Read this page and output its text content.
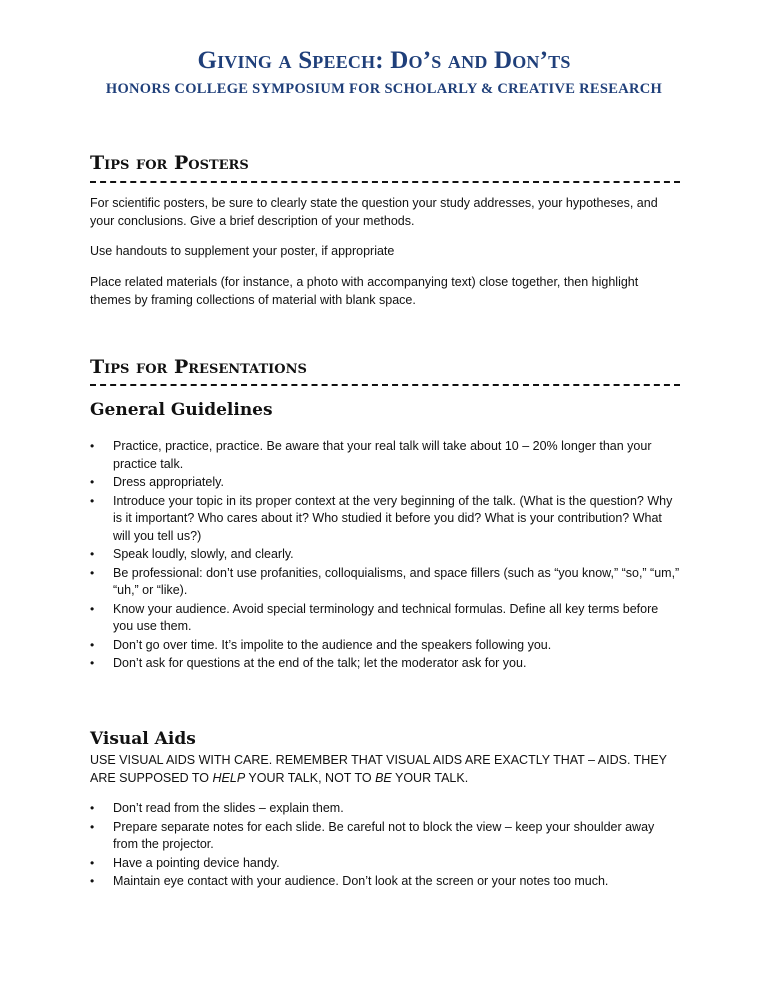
Giving a Speech: Do’s and Don’ts
HONORS COLLEGE SYMPOSIUM FOR SCHOLARLY & CREATIVE RESEARCH
Tips for Posters

For scientific posters, be sure to clearly state the question your study addresses, your hypotheses, and your conclusions. Give a brief description of your methods.

Use handouts to supplement your poster, if appropriate

Place related materials (for instance, a photo with accompanying text) close together, then highlight themes by framing collections of material with blank space.

Tips for Presentations
General Guidelines
• Practice, practice, practice. Be aware that your real talk will take about 10 – 20% longer than your practice talk.
• Dress appropriately.
• Introduce your topic in its proper context at the very beginning of the talk. (What is the question? Why is it important? Who cares about it? Who studied it before you did? What is your contribution? What will you tell us?)
• Speak loudly, slowly, and clearly.
• Be professional: don’t use profanities, colloquialisms, and space fillers (such as “you know,” “so,” “um,” “uh,” or “like).
• Know your audience. Avoid special terminology and technical formulas. Define all key terms before you use them.
• Don’t go over time. It’s impolite to the audience and the speakers following you.
• Don’t ask for questions at the end of the talk; let the moderator ask for you.
Visual Aids

USE VISUAL AIDS WITH CARE. REMEMBER THAT VISUAL AIDS ARE EXACTLY THAT – AIDS. THEY ARE SUPPOSED TO HELP YOUR TALK, NOT TO BE YOUR TALK.

• Don’t read from the slides – explain them.
• Prepare separate notes for each slide. Be careful not to block the view – keep your shoulder away from the projector.
• Have a pointing device handy.
• Maintain eye contact with your audience. Don’t look at the screen or your notes too much.
